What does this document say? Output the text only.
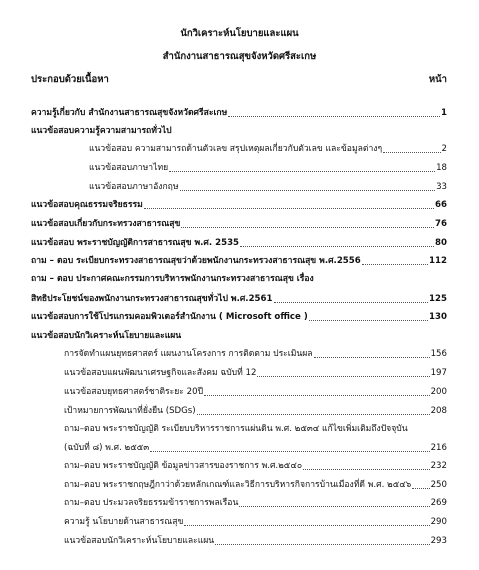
นักวิเคราะห์นโยบายและแผน
สำนักงานสาธารณสุขจังหวัดศรีสะเกษ
ประกอบด้วยเนื้อหา	หน้า
ความรู้เกี่ยวกับ สำนักงานสาธารณสุขจังหวัดศรีสะเกษ	1
แนวข้อสอบความรู้ความสามารถทั่วไป
แนวข้อสอบ ความสามารถด้านตัวเลข สรุปเหตุผลเกี่ยวกับตัวเลข และข้อมูลต่างๆ	2
แนวข้อสอบภาษาไทย	18
แนวข้อสอบภาษาอังกฤษ	33
แนวข้อสอบคุณธรรมจริยธรรม	66
แนวข้อสอบเกี่ยวกับกระทรวงสาธารณสุข	76
แนวข้อสอบ พระราชบัญญัติการสาธารณสุข พ.ศ. 2535	80
ถาม – ตอบ ระเบียบกระทรวงสาธารณสุขว่าด้วยพนักงานกระทรวงสาธารณสุข พ.ศ.2556	112
ถาม – ตอบ ประกาศคณะกรรมการบริหารพนักงานกระทรวงสาธารณสุข เรื่อง
สิทธิประโยชน์ของพนักงานกระทรวงสาธารณสุขทั่วไป พ.ศ.2561	125
แนวข้อสอบการใช้โปรแกรมคอมพิวเตอร์สำนักงาน ( Microsoft office )	130
แนวข้อสอบนักวิเคราะห์นโยบายและแผน
การจัดทำแผนยุทธศาสตร์ แผนงานโครงการ การติดตาม ประเมินผล	156
แนวข้อสอบแผนพัฒนาเศรษฐกิจและสังคม ฉบับที่ 12	197
แนวข้อสอบยุทธศาสตร์ชาติระยะ 20ปี	200
เป้าหมายการพัฒนาที่ยั่งยืน (SDGs)	208
ถาม–ตอบ พระราชบัญญัติ ระเบียบบริหารราชการแผ่นดิน พ.ศ. ๒๕๓๔ แก้ไขเพิ่มเติมถึงปัจจุบัน
(ฉบับที่ ๘) พ.ศ. ๒๕๕๓	216
ถาม–ตอบ พระราชบัญญัติ ข้อมูลข่าวสารของราชการ พ.ศ.๒๕๔๐	232
ถาม–ตอบ พระราชกฤษฎีกาว่าด้วยหลักเกณฑ์และวิธีการบริหารกิจการบ้านเมืองที่ดี พ.ศ. ๒๕๔๖ 250
ถาม–ตอบ ประมวลจริยธรรมข้าราชการพลเรือน	269
ความรู้ นโยบายด้านสาธารณสุข	290
แนวข้อสอบนักวิเคราะห์นโยบายและแผน	293
